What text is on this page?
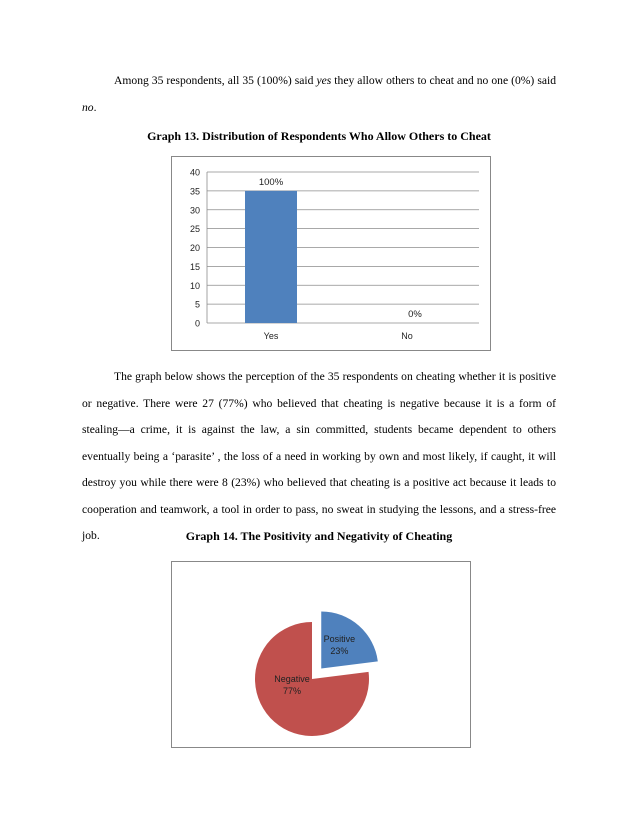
Among 35 respondents, all 35 (100%) said yes they allow others to cheat and no one (0%) said no.

Graph 13. Distribution of Respondents Who Allow Others to Cheat

0
5
10
15
20
25
30
35
40
Yes
100%
No
0%

The graph below shows the perception of the 35 respondents on cheating whether it is positive or negative. There were 27 (77%) who believed that cheating is negative because it is a form of stealing—a crime, it is against the law, a sin committed, students became dependent to others eventually being a ‘parasite’ , the loss of a need in working by own and most likely, if caught, it will destroy you while there were 8 (23%) who believed that cheating is a positive act because it leads to cooperation and teamwork, a tool in order to pass, no sweat in studying the lessons, and a stress-free job.	Graph 14. The Positivity and Negativity of Cheating

Positive
23%
Negative
77%
